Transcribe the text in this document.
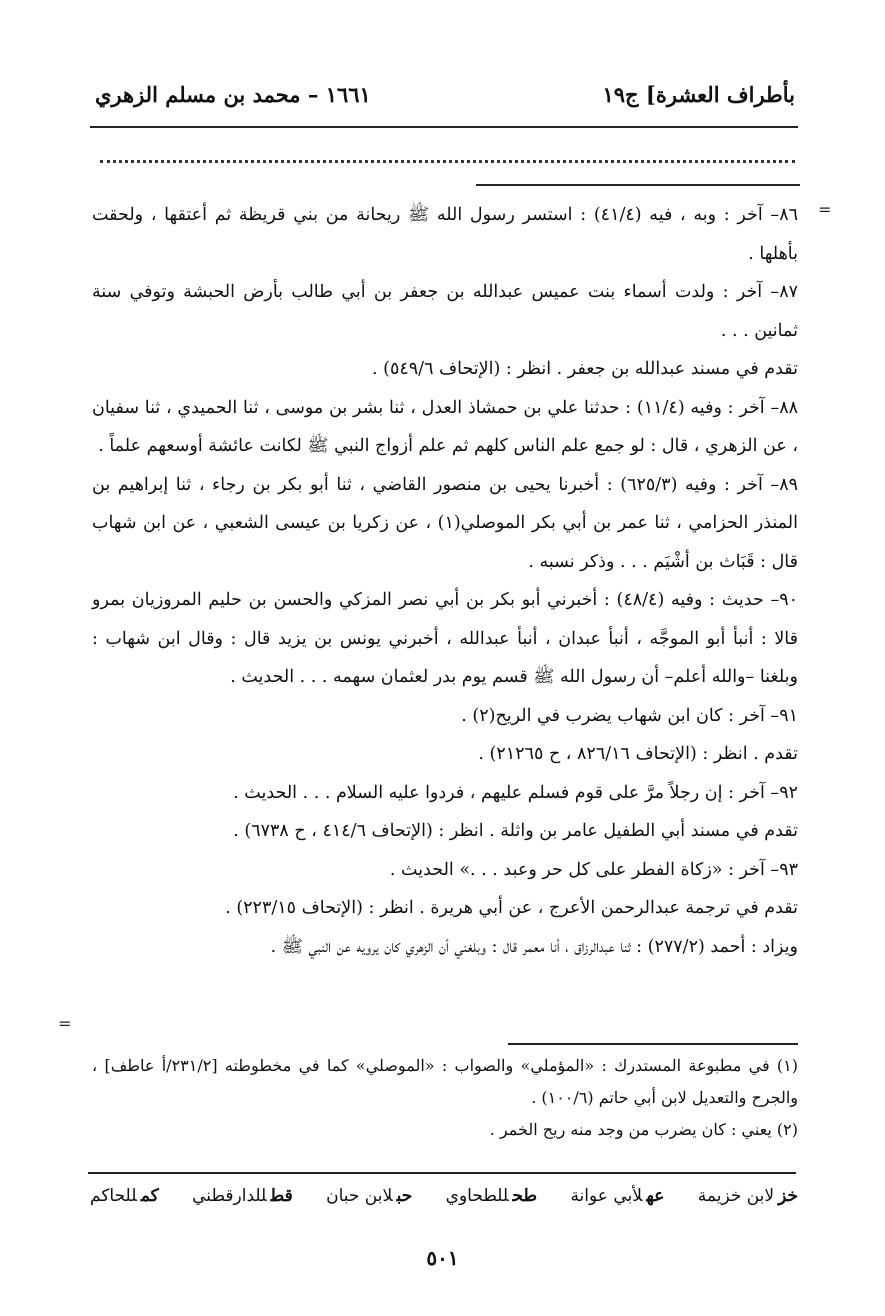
بأطراف العشرة] ج١٩
١٦٦١ – محمد بن مسلم الزهري
=
=

٨٦– آخر : وبه ، فيه (٤١/٤) : استسر رسول الله ﷺ ريحانة من بني قريظة ثم أعتقها ، ولحقت بأهلها .

٨٧– آخر : ولدت أسماء بنت عميس عبدالله بن جعفر بن أبي طالب بأرض الحبشة وتوفي سنة ثمانين . . .

تقدم في مسند عبدالله بن جعفر . انظر : (الإتحاف ٥٤٩/٦) .

٨٨– آخر : وفيه (١١/٤) : حدثنا علي بن حمشاذ العدل ، ثنا بشر بن موسى ، ثنا الحميدي ، ثنا سفيان ، عن الزهري ، قال : لو جمع علم الناس كلهم ثم علم أزواج النبي ﷺ لكانت عائشة أوسعهم علماً .

٨٩– آخر : وفيه (٦٢٥/٣) : أخبرنا يحيى بن منصور القاضي ، ثنا أبو بكر بن رجاء ، ثنا إبراهيم بن المنذر الحزامي ، ثنا عمر بن أبي بكر الموصلي(١) ، عن زكريا بن عيسى الشعبي ، عن ابن شهاب قال : قَبَاث بن أشْيَم . . . وذكر نسبه .

٩٠– حديث : وفيه (٤٨/٤) : أخبرني أبو بكر بن أبي نصر المزكي والحسن بن حليم المروزيان بمرو قالا : أنبأ أبو الموجَّه ، أنبأ عبدان ، أنبأ عبدالله ، أخبرني يونس بن يزيد قال : وقال ابن شهاب : وبلغنا –والله أعلم– أن رسول الله ﷺ قسم يوم بدر لعثمان سهمه . . . الحديث .

٩١– آخر : كان ابن شهاب يضرب في الريح(٢) .

تقدم . انظر : (الإتحاف ٨٢٦/١٦ ، ح ٢١٢٦٥) .

٩٢– آخر : إن رجلاً مرَّ على قوم فسلم عليهم ، فردوا عليه السلام . . . الحديث .

تقدم في مسند أبي الطفيل عامر بن واثلة . انظر : (الإتحاف ٤١٤/٦ ، ح ٦٧٣٨) .

٩٣– آخر : «زكاة الفطر على كل حر وعبد . . .» الحديث .

تقدم في ترجمة عبدالرحمن الأعرج ، عن أبي هريرة . انظر : (الإتحاف ٢٢٣/١٥) .

ويزاد : أحمد (٢٧٧/٢) : ثنا عبدالرزاق ، أنا معمر قال : وبلغني أن الزهري كان يرويه عن النبي ﷺ .

(١) في مطبوعة المستدرك : «المؤملي» والصواب : «الموصلي» كما في مخطوطته [٢٣١/٢/أ عاطف] ، والجرح والتعديل لابن أبي حاتم (١٠٠/٦) .

(٢) يعني : كان يضرب من وجد منه ريح الخمر .

خزلابن خزيمة
عهلأبي عوانة
طحللطحاوي
حبلابن حبان
قطللدارقطني
كمللحاكم
٥٠١
